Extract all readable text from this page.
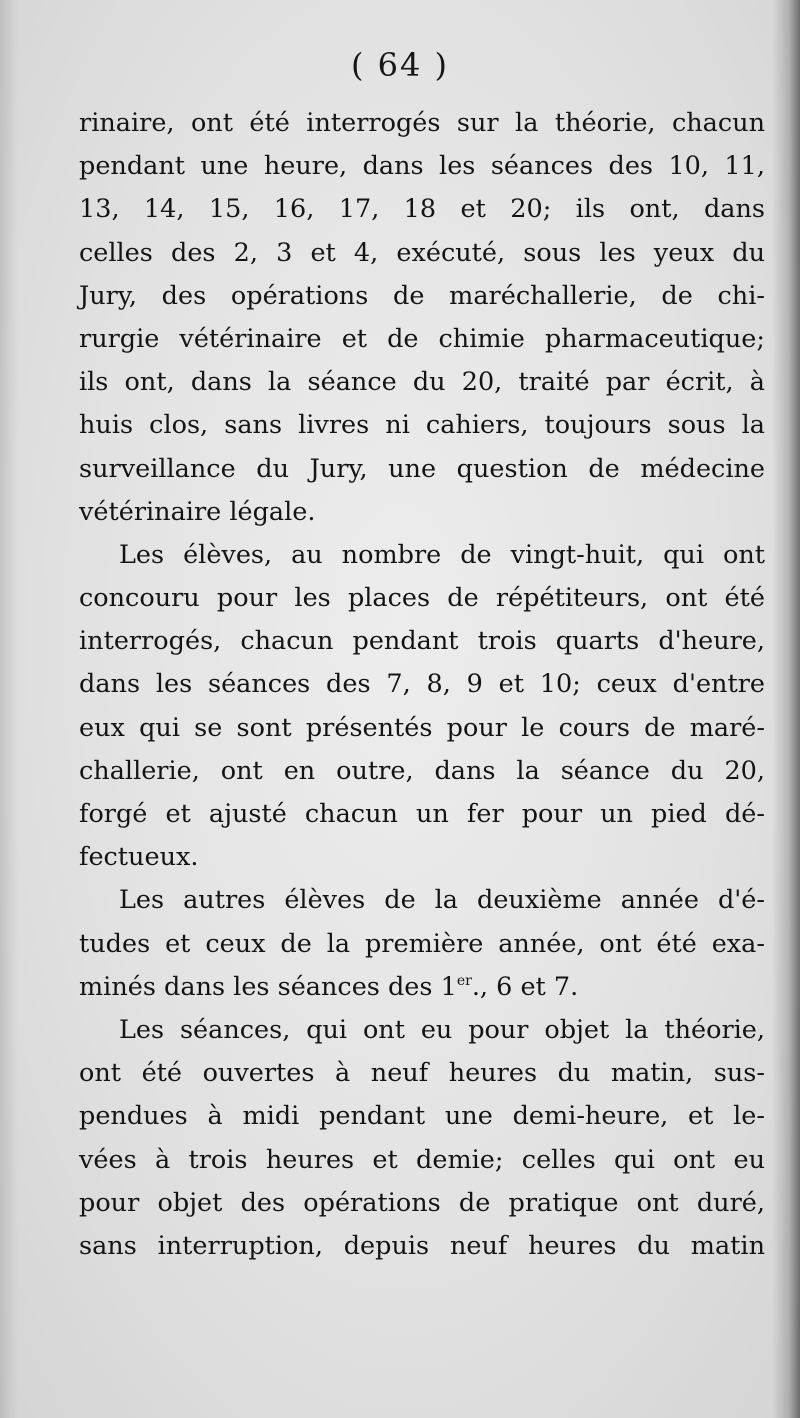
( 64 )
rinaire, ont été interrogés sur la théorie, chacun
pendant une heure, dans les séances des 10, 11,
13, 14, 15, 16, 17, 18 et 20; ils ont, dans
celles des 2, 3 et 4, exécuté, sous les yeux du
Jury, des opérations de maréchallerie, de chi-
rurgie vétérinaire et de chimie pharmaceutique;
ils ont, dans la séance du 20, traité par écrit, à
huis clos, sans livres ni cahiers, toujours sous la
surveillance du Jury, une question de médecine
vétérinaire légale.
Les élèves, au nombre de vingt-huit, qui ont
concouru pour les places de répétiteurs, ont été
interrogés, chacun pendant trois quarts d'heure,
dans les séances des 7, 8, 9 et 10; ceux d'entre
eux qui se sont présentés pour le cours de maré-
challerie, ont en outre, dans la séance du 20,
forgé et ajusté chacun un fer pour un pied dé-
fectueux.
Les autres élèves de la deuxième année d'é-
tudes et ceux de la première année, ont été exa-
minés dans les séances des 1er., 6 et 7.
Les séances, qui ont eu pour objet la théorie,
ont été ouvertes à neuf heures du matin, sus-
pendues à midi pendant une demi-heure, et le-
vées à trois heures et demie; celles qui ont eu
pour objet des opérations de pratique ont duré,
sans interruption, depuis neuf heures du matin
